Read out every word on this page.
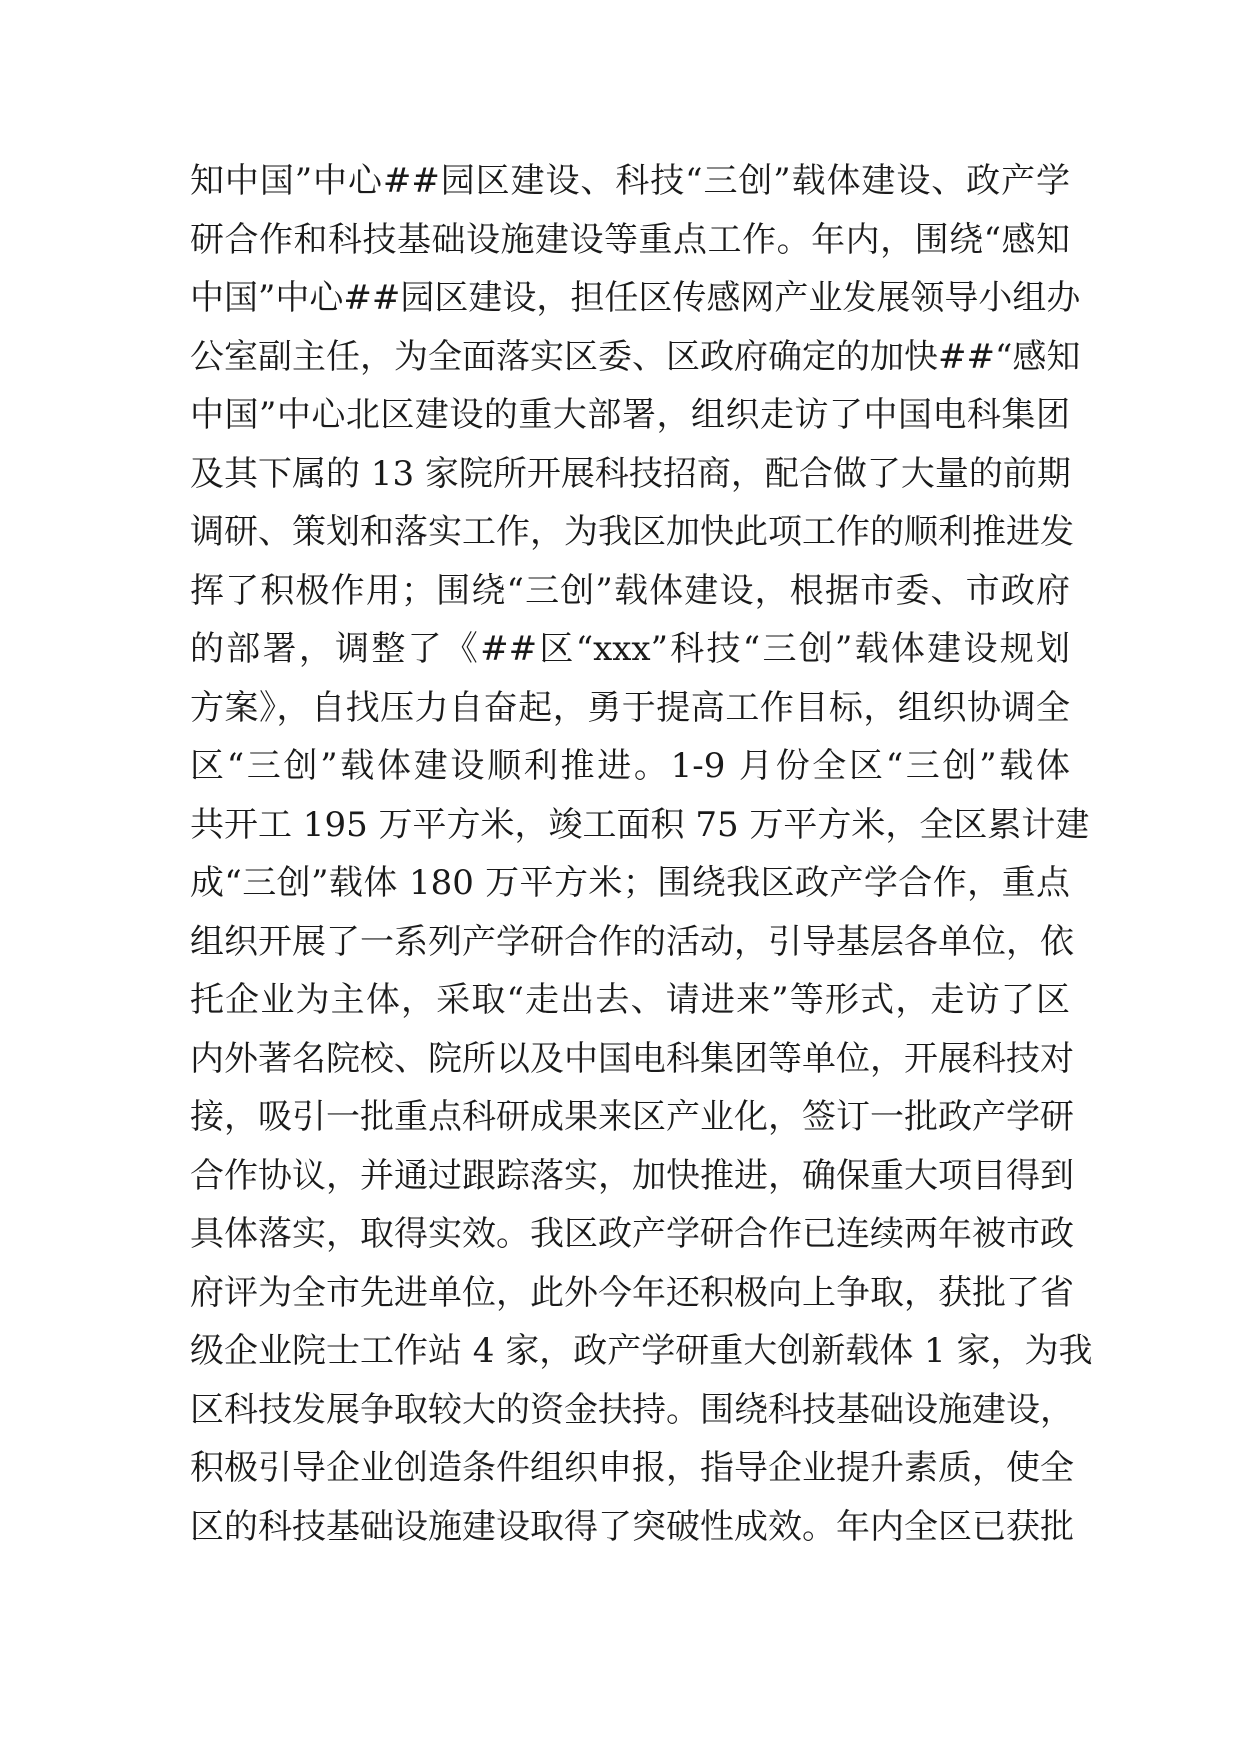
知中国”中心##园区建设、科技“三创”载体建设、政产学
研合作和科技基础设施建设等重点工作。年内，围绕“感知
中国”中心##园区建设，担任区传感网产业发展领导小组办
公室副主任，为全面落实区委、区政府确定的加快##“感知
中国”中心北区建设的重大部署，组织走访了中国电科集团
及其下属的 13 家院所开展科技招商，配合做了大量的前期
调研、策划和落实工作，为我区加快此项工作的顺利推进发
挥了积极作用；围绕“三创”载体建设，根据市委、市政府
的部署，调整了《##区“xxx”科技“三创”载体建设规划
方案》，自找压力自奋起，勇于提高工作目标，组织协调全
区“三创”载体建设顺利推进。1-9 月份全区“三创”载体
共开工 195 万平方米，竣工面积 75 万平方米，全区累计建
成“三创”载体 180 万平方米；围绕我区政产学合作，重点
组织开展了一系列产学研合作的活动，引导基层各单位，依
托企业为主体，采取“走出去、请进来”等形式，走访了区
内外著名院校、院所以及中国电科集团等单位，开展科技对
接，吸引一批重点科研成果来区产业化，签订一批政产学研
合作协议，并通过跟踪落实，加快推进，确保重大项目得到
具体落实，取得实效。我区政产学研合作已连续两年被市政
府评为全市先进单位，此外今年还积极向上争取，获批了省
级企业院士工作站 4 家，政产学研重大创新载体 1 家，为我
区科技发展争取较大的资金扶持。围绕科技基础设施建设，
积极引导企业创造条件组织申报，指导企业提升素质，使全
区的科技基础设施建设取得了突破性成效。年内全区已获批
